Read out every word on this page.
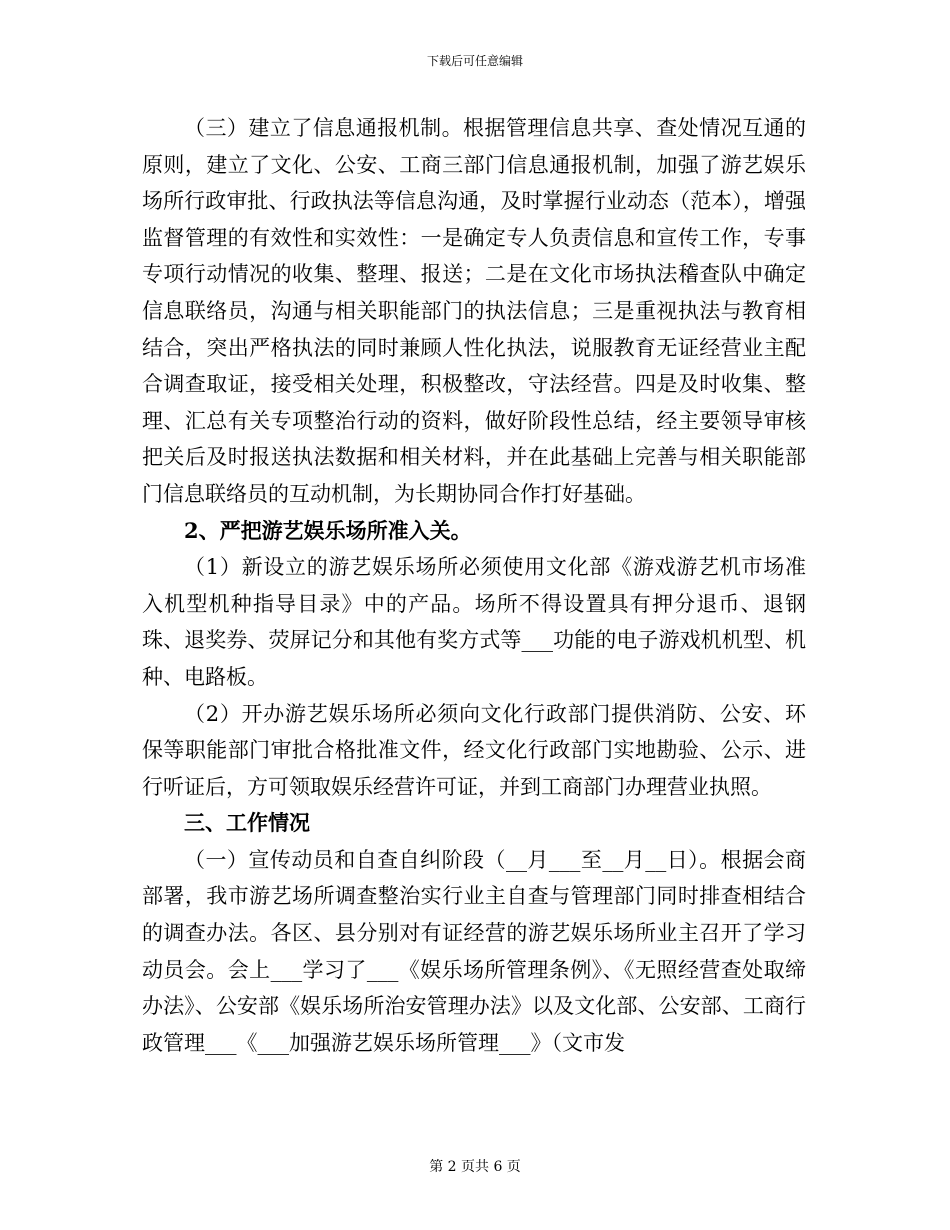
下载后可任意编辑

（三）建立了信息通报机制。根据管理信息共享、查处情况互通的原则，建立了文化、公安、工商三部门信息通报机制，加强了游艺娱乐场所行政审批、行政执法等信息沟通，及时掌握行业动态（范本），增强监督管理的有效性和实效性：一是确定专人负责信息和宣传工作，专事专项行动情况的收集、整理、报送；二是在文化市场执法稽查队中确定信息联络员，沟通与相关职能部门的执法信息；三是重视执法与教育相结合，突出严格执法的同时兼顾人性化执法，说服教育无证经营业主配合调查取证，接受相关处理，积极整改，守法经营。四是及时收集、整理、汇总有关专项整治行动的资料，做好阶段性总结，经主要领导审核把关后及时报送执法数据和相关材料，并在此基础上完善与相关职能部门信息联络员的互动机制，为长期协同合作打好基础。

2、严把游艺娱乐场所准入关。

（1）新设立的游艺娱乐场所必须使用文化部《游戏游艺机市场准入机型机种指导目录》中的产品。场所不得设置具有押分退币、退钢珠、退奖券、荧屏记分和其他有奖方式等___功能的电子游戏机机型、机种、电路板。

（2）开办游艺娱乐场所必须向文化行政部门提供消防、公安、环保等职能部门审批合格批准文件，经文化行政部门实地勘验、公示、进行听证后，方可领取娱乐经营许可证，并到工商部门办理营业执照。

三、工作情况

（一）宣传动员和自查自纠阶段（__月___至__月__日）。根据会商部署，我市游艺场所调查整治实行业主自查与管理部门同时排查相结合的调查办法。各区、县分别对有证经营的游艺娱乐场所业主召开了学习动员会。会上___学习了___《娱乐场所管理条例》、《无照经营查处取缔办法》、公安部《娱乐场所治安管理办法》以及文化部、公安部、工商行政管理___《___加强游艺娱乐场所管理___》（文市发

第 2 页共 6 页
